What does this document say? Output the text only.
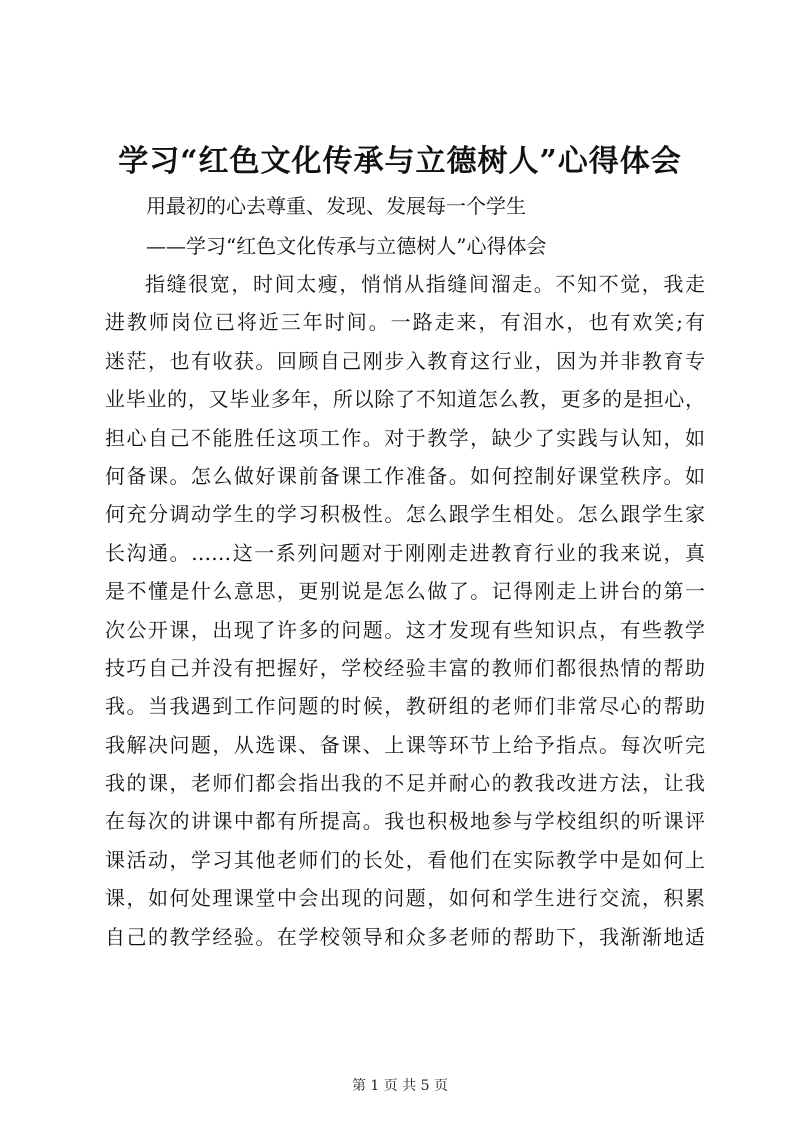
学习“红色文化传承与立德树人”心得体会
用最初的心去尊重、发现、发展每一个学生
——学习“红色文化传承与立德树人”心得体会
指缝很宽，时间太瘦，悄悄从指缝间溜走。不知不觉，我走
进教师岗位已将近三年时间。一路走来，有泪水，也有欢笑;有
迷茫，也有收获。回顾自己刚步入教育这行业，因为并非教育专
业毕业的，又毕业多年，所以除了不知道怎么教，更多的是担心，
担心自己不能胜任这项工作。对于教学，缺少了实践与认知，如
何备课。怎么做好课前备课工作准备。如何控制好课堂秩序。如
何充分调动学生的学习积极性。怎么跟学生相处。怎么跟学生家
长沟通。……这一系列问题对于刚刚走进教育行业的我来说，真
是不懂是什么意思，更别说是怎么做了。记得刚走上讲台的第一
次公开课，出现了许多的问题。这才发现有些知识点，有些教学
技巧自己并没有把握好，学校经验丰富的教师们都很热情的帮助
我。当我遇到工作问题的时候，教研组的老师们非常尽心的帮助
我解决问题，从选课、备课、上课等环节上给予指点。每次听完
我的课，老师们都会指出我的不足并耐心的教我改进方法，让我
在每次的讲课中都有所提高。我也积极地参与学校组织的听课评
课活动，学习其他老师们的长处，看他们在实际教学中是如何上
课，如何处理课堂中会出现的问题，如何和学生进行交流，积累
自己的教学经验。在学校领导和众多老师的帮助下，我渐渐地适
第 1 页 共 5 页
